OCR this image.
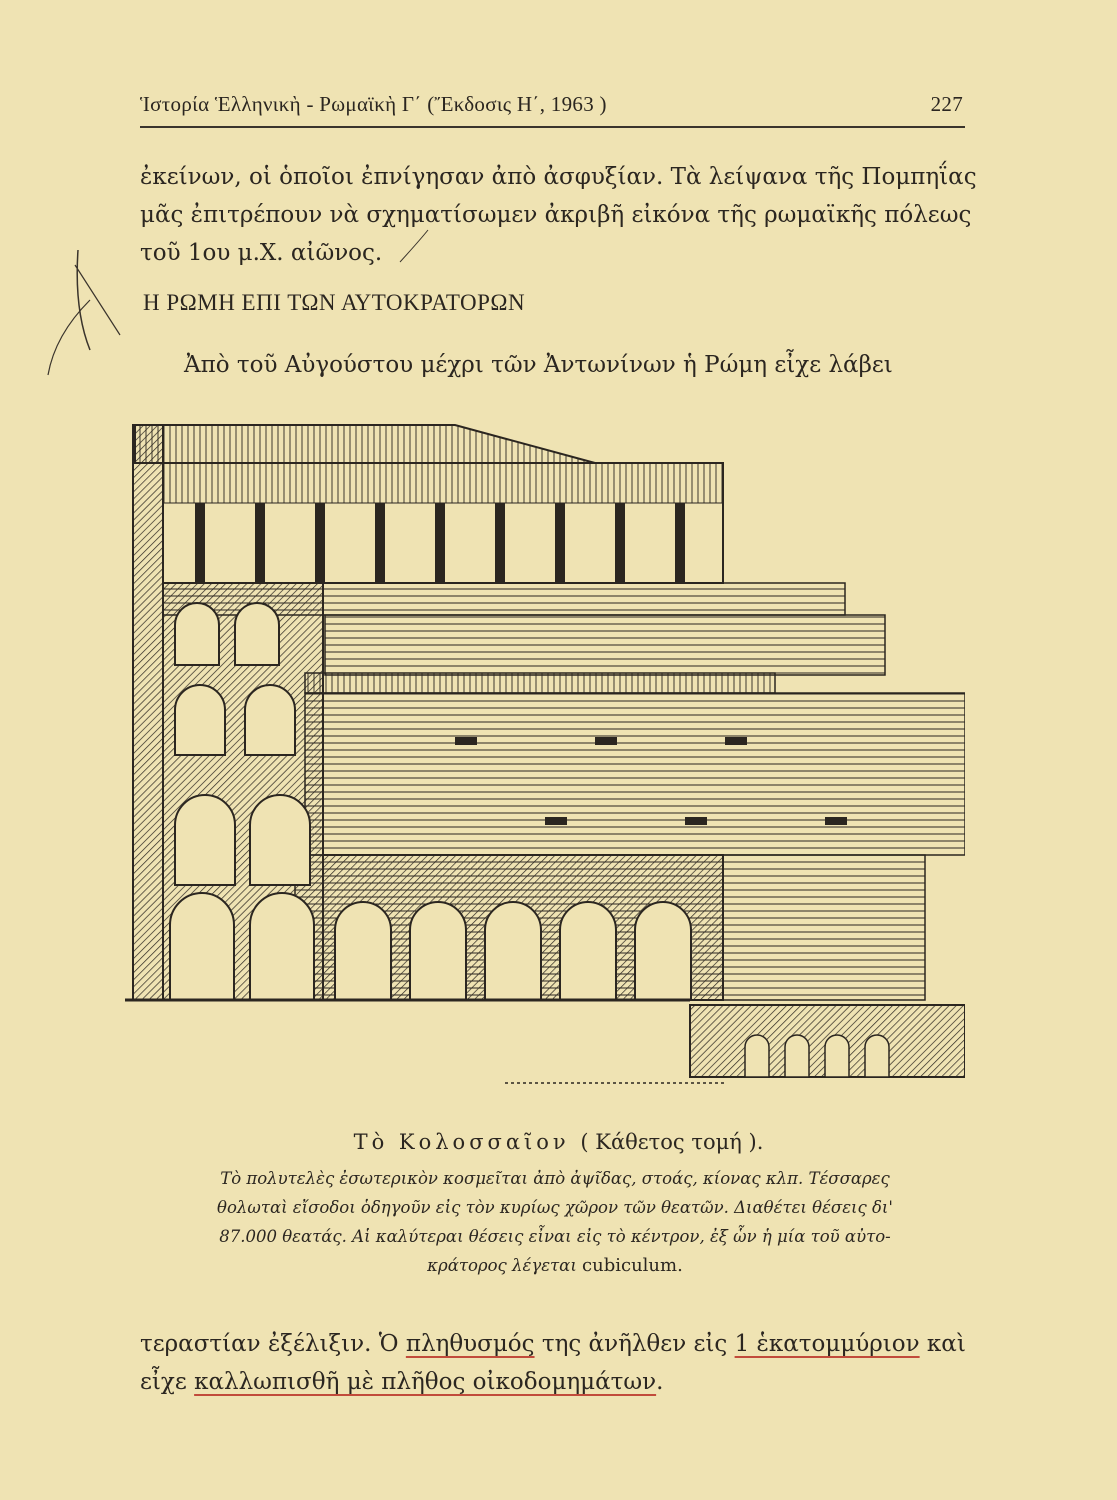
Ἱστορία Ἑλληνικὴ - Ρωμαϊκὴ Γ΄ (Ἔκδοσις Η΄, 1963 )	227
ἐκείνων, οἱ ὁποῖοι ἐπνίγησαν ἀπὸ ἀσφυξίαν. Τὰ λείψανα τῆς Πομπηΐας
μᾶς ἐπιτρέπουν νὰ σχηματίσωμεν ἀκριβῆ εἰκόνα τῆς ρωμαϊκῆς πόλεως
τοῦ 1ου μ.Χ. αἰῶνος.
Η ΡΩΜΗ ΕΠΙ ΤΩΝ ΑΥΤΟΚΡΑΤΟΡΩΝ
Ἀπὸ τοῦ Αὐγούστου μέχρι τῶν Ἀντωνίνων ἡ Ρώμη εἶχε λάβει
Τὸ Κολοσσαῖον ( Κάθετος τομή ).
Τὸ πολυτελὲς ἐσωτερικὸν κοσμεῖται ἀπὸ ἀψῖδας, στοάς, κίονας κλπ. Τέσσαρες
θολωταὶ εἴσοδοι ὁδηγοῦν εἰς τὸν κυρίως χῶρον τῶν θεατῶν. Διαθέτει θέσεις δι'
87.000 θεατάς. Αἱ καλύτεραι θέσεις εἶναι εἰς τὸ κέντρον, ἐξ ὧν ἡ μία τοῦ αὐτο-
κράτορος λέγεται cubiculum.
τεραστίαν ἐξέλιξιν. Ὁ πληθυσμός της ἀνῆλθεν εἰς 1 ἑκατομμύριον καὶ
εἶχε καλλωπισθῆ μὲ πλῆθος οἰκοδομημάτων.
